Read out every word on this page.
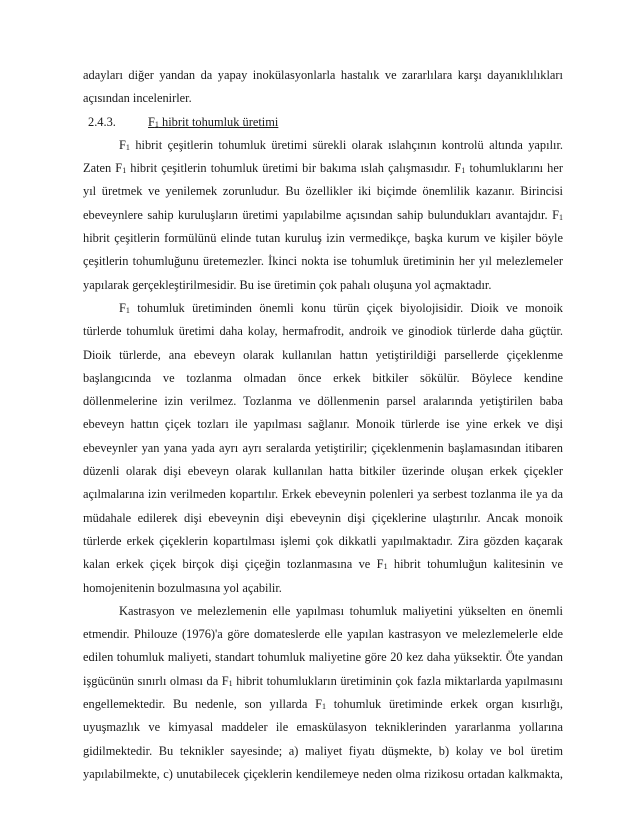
adayları diğer yandan da yapay inokülasyonlarla hastalık ve zararlılara karşı dayanıklılıkları
açısından incelenirler.
2.4.3.	$F_1$ hibrit tohumluk üretimi
$F_1$ hibrit çeşitlerin tohumluk üretimi sürekli olarak ıslahçının kontrolü altında yapılır.
Zaten $F_1$ hibrit çeşitlerin tohumluk üretimi bir bakıma ıslah çalışmasıdır. $F_1$ tohumluklarını her
yıl üretmek ve yenilemek zorunludur. Bu özellikler iki biçimde önemlilik kazanır. Birincisi
ebeveynlere sahip kuruluşların üretimi yapılabilme açısından sahip bulundukları avantajdır. $F_1$
hibrit çeşitlerin formülünü elinde tutan kuruluş izin vermedikçe, başka kurum ve kişiler böyle
çeşitlerin tohumluğunu üretemezler. İkinci nokta ise tohumluk üretiminin her yıl melezlemeler
yapılarak gerçekleştirilmesidir. Bu ise üretimin çok pahalı oluşuna yol açmaktadır.
$F_1$ tohumluk üretiminden önemli konu türün çiçek biyolojisidir. Dioik ve monoik
türlerde tohumluk üretimi daha kolay, hermafrodit, androik ve ginodiok türlerde daha güçtür.
Dioik türlerde, ana ebeveyn olarak kullanılan hattın yetiştirildiği parsellerde çiçeklenme
başlangıcında ve tozlanma olmadan önce erkek bitkiler sökülür. Böylece kendine
döllenmelerine izin verilmez. Tozlanma ve döllenmenin parsel aralarında yetiştirilen baba
ebeveyn hattın çiçek tozları ile yapılması sağlanır. Monoik türlerde ise yine erkek ve dişi
ebeveynler yan yana yada ayrı ayrı seralarda yetiştirilir; çiçeklenmenin başlamasından itibaren
düzenli olarak dişi ebeveyn olarak kullanılan hatta bitkiler üzerinde oluşan erkek çiçekler
açılmalarına izin verilmeden kopartılır. Erkek ebeveynin polenleri ya serbest tozlanma ile ya da
müdahale edilerek dişi ebeveynin dişi ebeveynin dişi çiçeklerine ulaştırılır. Ancak monoik
türlerde erkek çiçeklerin kopartılması işlemi çok dikkatli yapılmaktadır. Zira gözden kaçarak
kalan erkek çiçek birçok dişi çiçeğin tozlanmasına ve $F_1$ hibrit tohumluğun kalitesinin ve
homojenitenin bozulmasına yol açabilir.
Kastrasyon ve melezlemenin elle yapılması tohumluk maliyetini yükselten en önemli
etmendir. Philouze (1976)'a göre domateslerde elle yapılan kastrasyon ve melezlemelerle elde
edilen tohumluk maliyeti, standart tohumluk maliyetine göre 20 kez daha yüksektir. Öte yandan
işgücünün sınırlı olması da $F_1$ hibrit tohumlukların üretiminin çok fazla miktarlarda yapılmasını
engellemektedir. Bu nedenle, son yıllarda $F_1$ tohumluk üretiminde erkek organ kısırlığı,
uyuşmazlık ve kimyasal maddeler ile emaskülasyon tekniklerinden yararlanma yollarına
gidilmektedir. Bu teknikler sayesinde; a) maliyet fiyatı düşmekte, b) kolay ve bol üretim
yapılabilmekte, c) unutabilecek çiçeklerin kendilemeye neden olma rizikosu ortadan kalkmakta,
